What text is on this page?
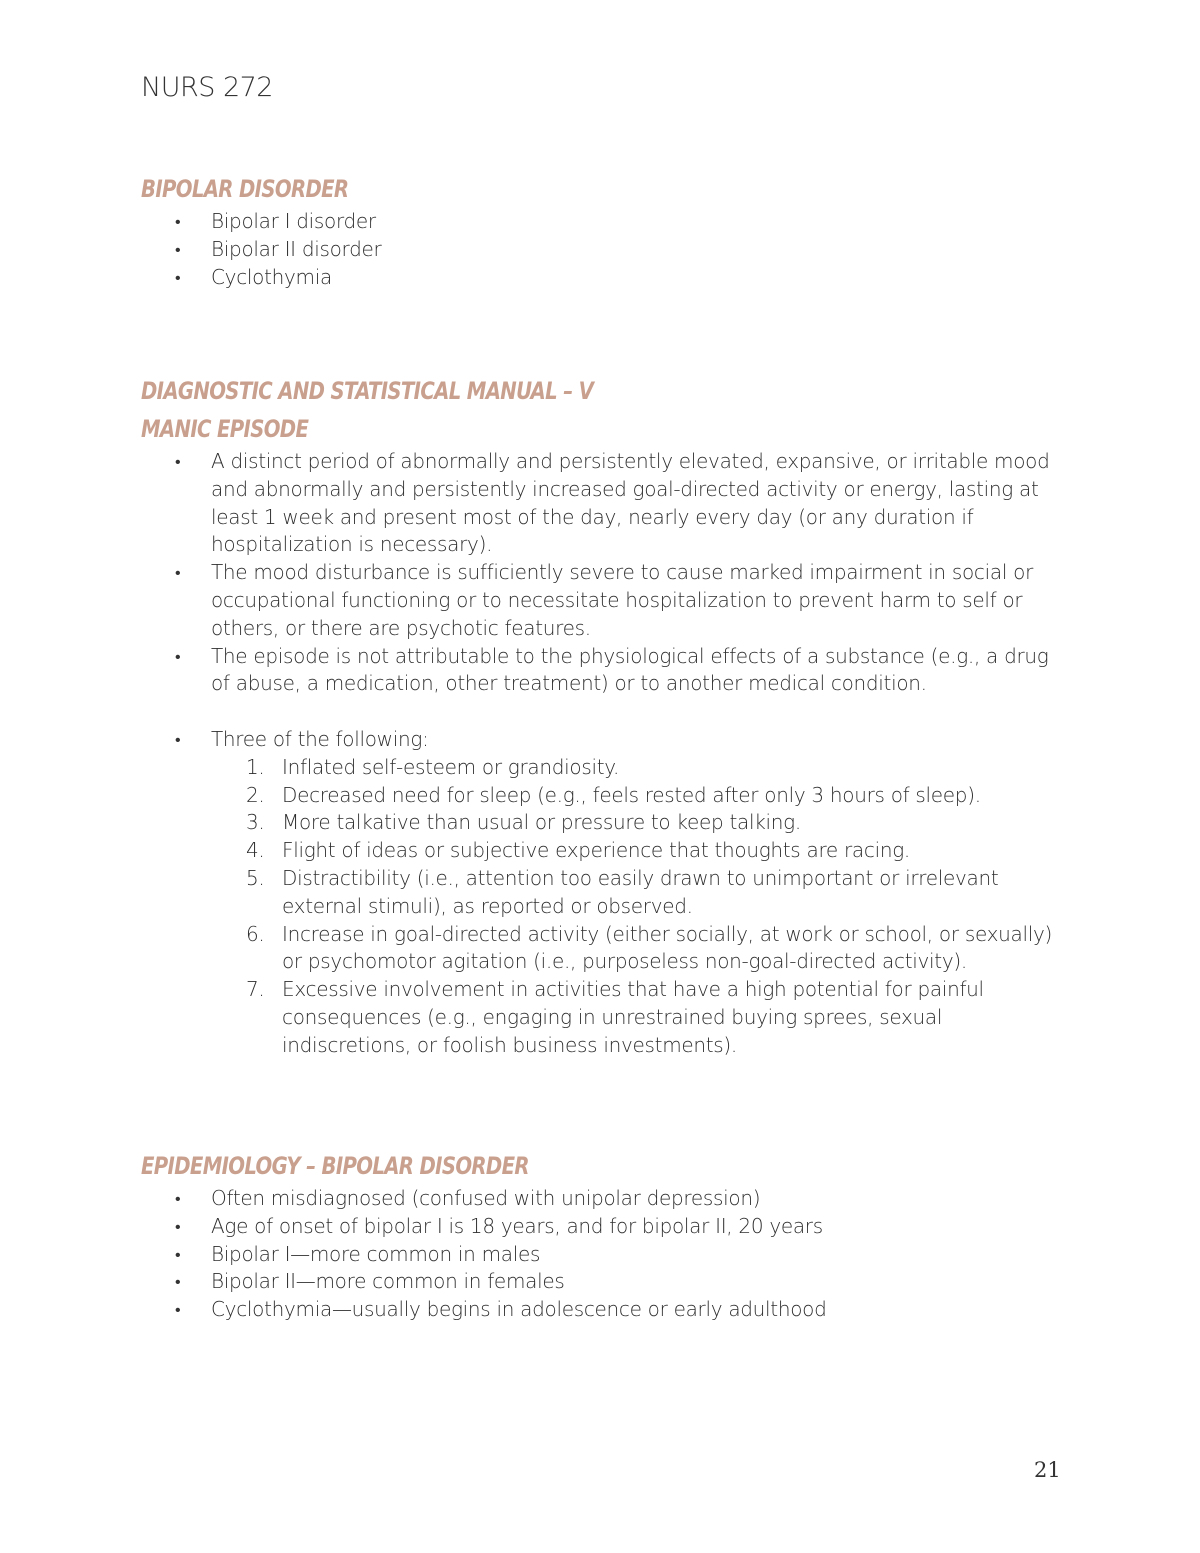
NURS 272
BIPOLAR DISORDER
• Bipolar I disorder
• Bipolar II disorder
• Cyclothymia
DIAGNOSTIC AND STATISTICAL MANUAL – V
MANIC EPISODE
• A distinct period of abnormally and persistently elevated, expansive, or irritable mood and abnormally and persistently increased goal-directed activity or energy, lasting at least 1 week and present most of the day, nearly every day (or any duration if hospitalization is necessary).
• The mood disturbance is sufficiently severe to cause marked impairment in social or occupational functioning or to necessitate hospitalization to prevent harm to self or others, or there are psychotic features.
• The episode is not attributable to the physiological effects of a substance (e.g., a drug of abuse, a medication, other treatment) or to another medical condition.
• Three of the following:
1. Inflated self-esteem or grandiosity.
2. Decreased need for sleep (e.g., feels rested after only 3 hours of sleep).
3. More talkative than usual or pressure to keep talking.
4. Flight of ideas or subjective experience that thoughts are racing.
5. Distractibility (i.e., attention too easily drawn to unimportant or irrelevant external stimuli), as reported or observed.
6. Increase in goal-directed activity (either socially, at work or school, or sexually) or psychomotor agitation (i.e., purposeless non-goal-directed activity).
7. Excessive involvement in activities that have a high potential for painful consequences (e.g., engaging in unrestrained buying sprees, sexual indiscretions, or foolish business investments).
EPIDEMIOLOGY – BIPOLAR DISORDER
• Often misdiagnosed (confused with unipolar depression)
• Age of onset of bipolar I is 18 years, and for bipolar II, 20 years
• Bipolar I—more common in males
• Bipolar II—more common in females
• Cyclothymia—usually begins in adolescence or early adulthood
21
